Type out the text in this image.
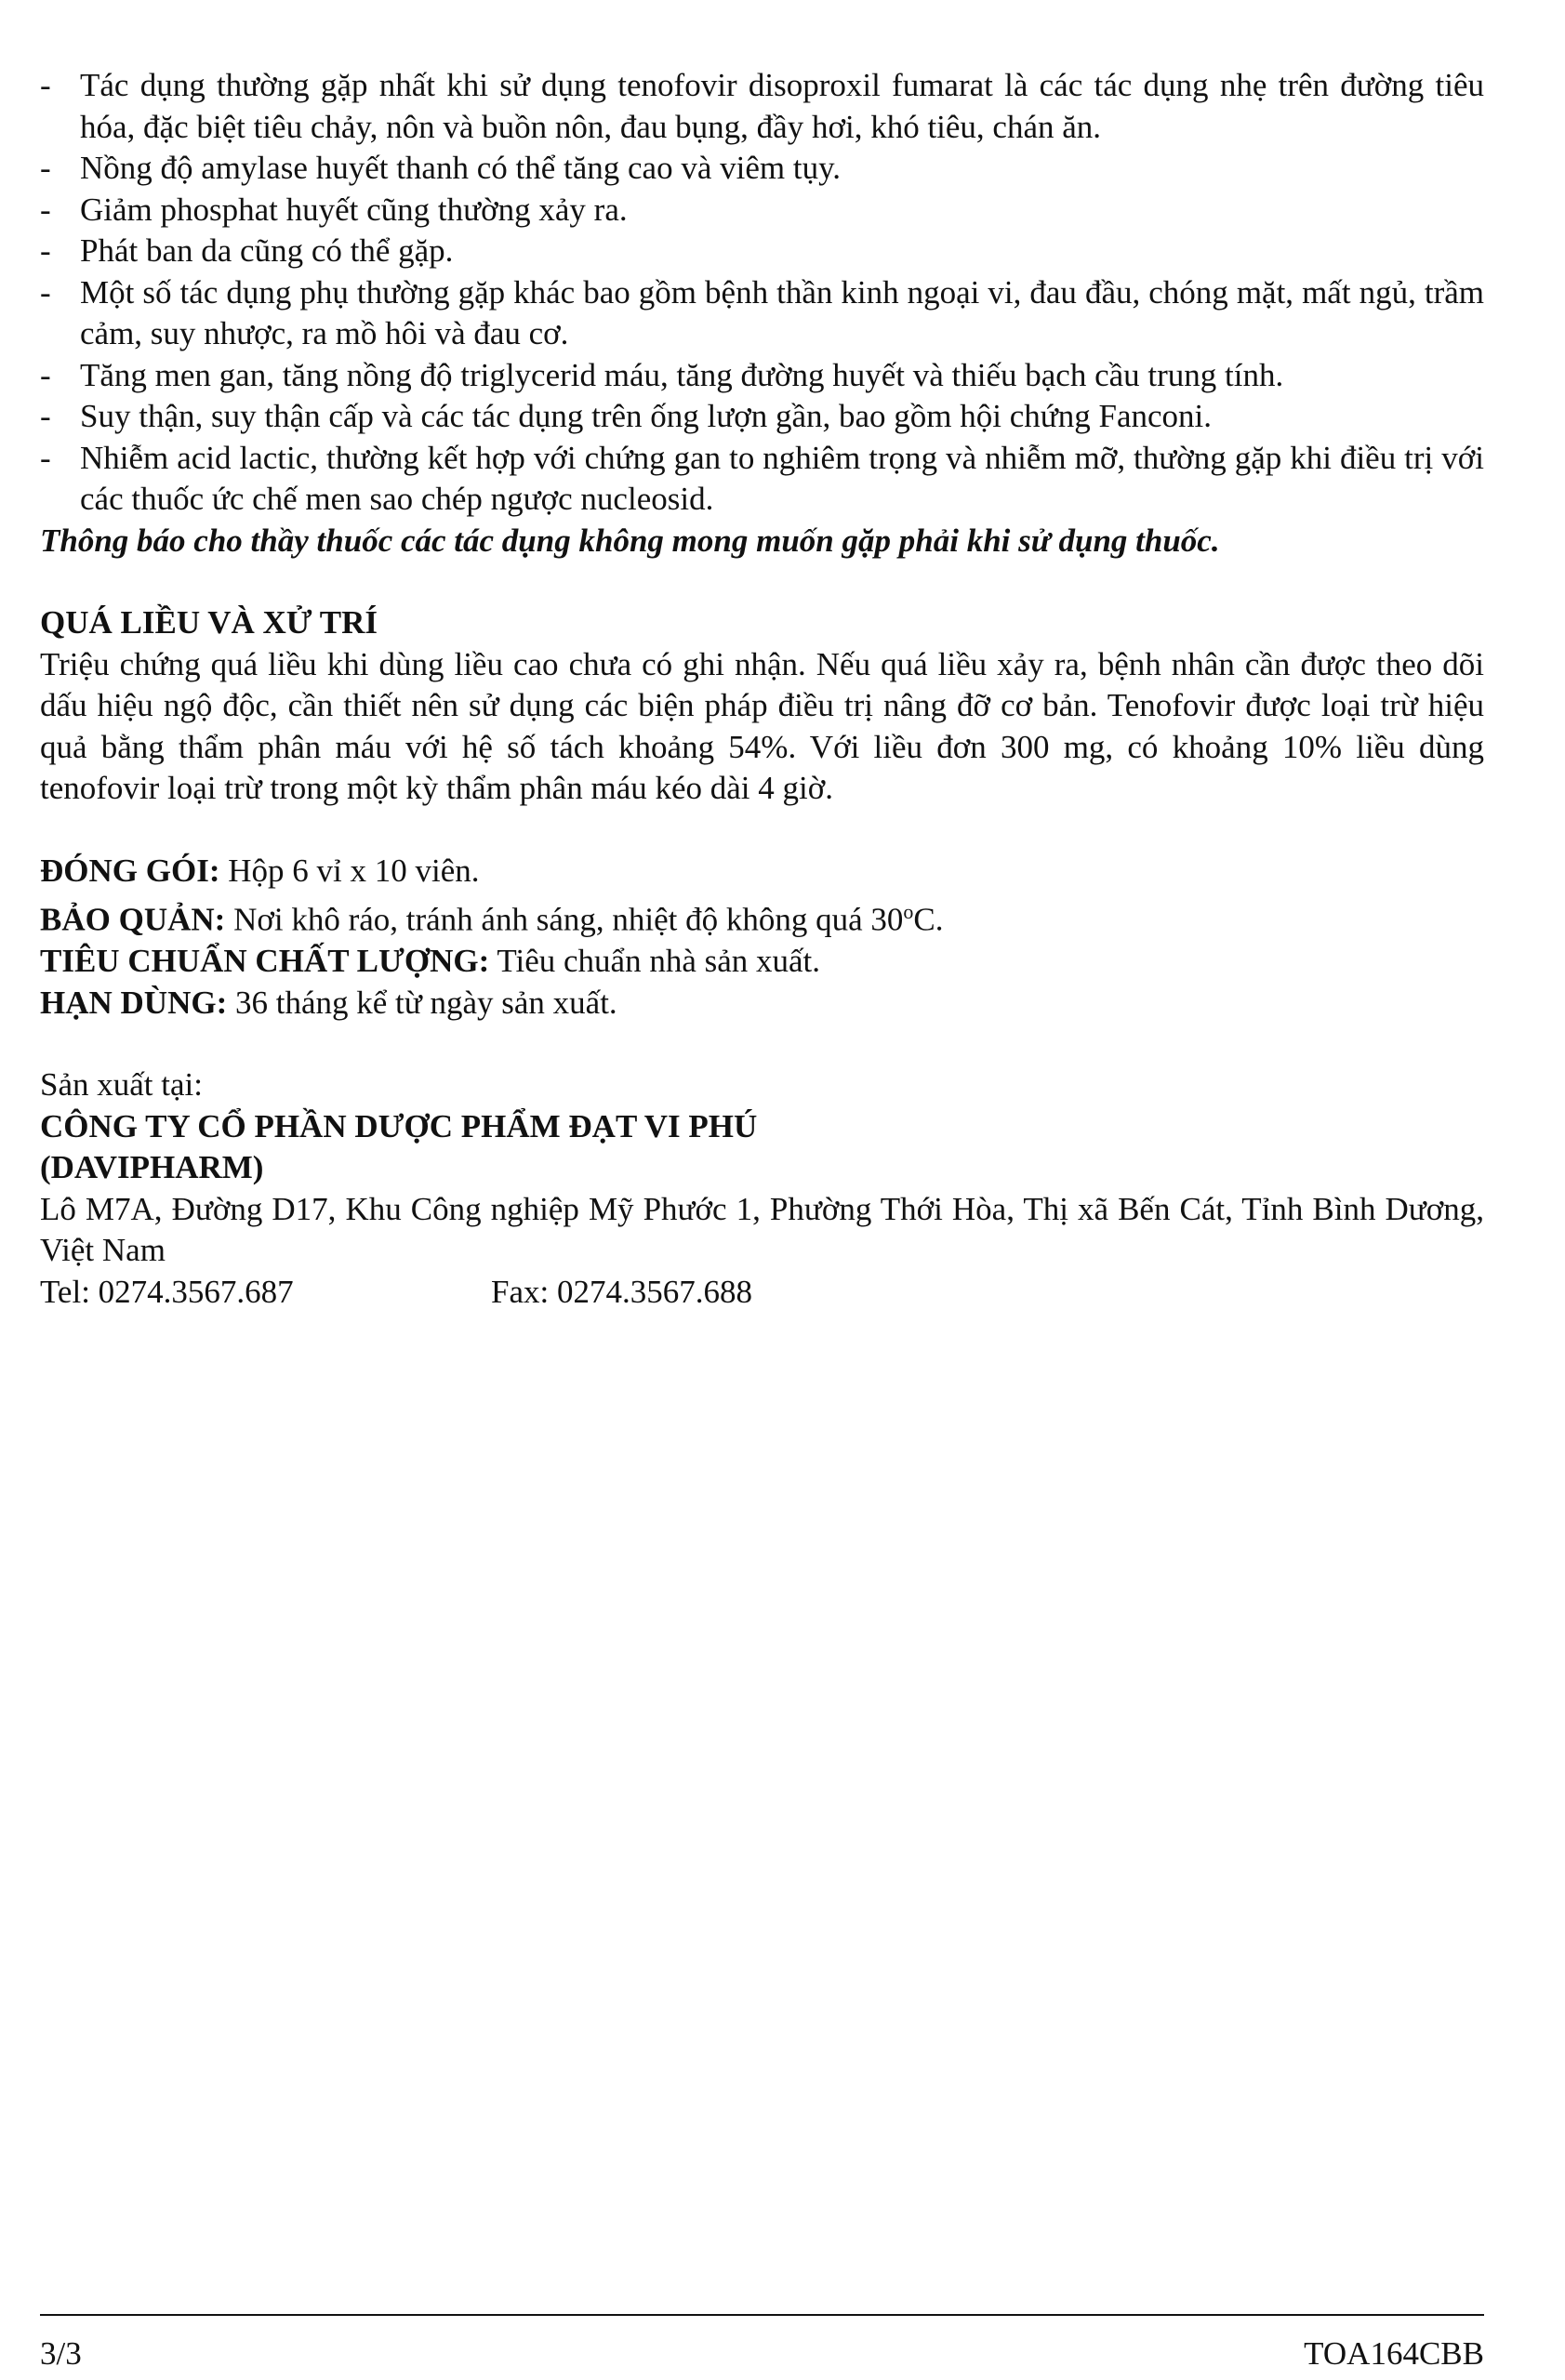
- Tác dụng thường gặp nhất khi sử dụng tenofovir disoproxil fumarat là các tác dụng nhẹ trên đường tiêu hóa, đặc biệt tiêu chảy, nôn và buồn nôn, đau bụng, đầy hơi, khó tiêu, chán ăn.
- Nồng độ amylase huyết thanh có thể tăng cao và viêm tụy.
- Giảm phosphat huyết cũng thường xảy ra.
- Phát ban da cũng có thể gặp.
- Một số tác dụng phụ thường gặp khác bao gồm bệnh thần kinh ngoại vi, đau đầu, chóng mặt, mất ngủ, trầm cảm, suy nhược, ra mồ hôi và đau cơ.
- Tăng men gan, tăng nồng độ triglycerid máu, tăng đường huyết và thiếu bạch cầu trung tính.
- Suy thận, suy thận cấp và các tác dụng trên ống lượn gần, bao gồm hội chứng Fanconi.
- Nhiễm acid lactic, thường kết hợp với chứng gan to nghiêm trọng và nhiễm mỡ, thường gặp khi điều trị với các thuốc ức chế men sao chép ngược nucleosid.
Thông báo cho thầy thuốc các tác dụng không mong muốn gặp phải khi sử dụng thuốc.
QUÁ LIỀU VÀ XỬ TRÍ
Triệu chứng quá liều khi dùng liều cao chưa có ghi nhận. Nếu quá liều xảy ra, bệnh nhân cần được theo dõi dấu hiệu ngộ độc, cần thiết nên sử dụng các biện pháp điều trị nâng đỡ cơ bản. Tenofovir được loại trừ hiệu quả bằng thẩm phân máu với hệ số tách khoảng 54%. Với liều đơn 300 mg, có khoảng 10% liều dùng tenofovir loại trừ trong một kỳ thẩm phân máu kéo dài 4 giờ.
ĐÓNG GÓI: Hộp 6 vỉ x 10 viên.
BẢO QUẢN: Nơi khô ráo, tránh ánh sáng, nhiệt độ không quá 30$^o$C.
TIÊU CHUẨN CHẤT LƯỢNG: Tiêu chuẩn nhà sản xuất.
HẠN DÙNG: 36 tháng kể từ ngày sản xuất.
Sản xuất tại:
CÔNG TY CỔ PHẦN DƯỢC PHẨM ĐẠT VI PHÚ
(DAVIPHARM)
Lô M7A, Đường D17, Khu Công nghiệp Mỹ Phước 1, Phường Thới Hòa, Thị xã Bến Cát, Tỉnh Bình Dương, Việt Nam
Tel: 0274.3567.687	Fax: 0274.3567.688
3/3	TOA164CBB
